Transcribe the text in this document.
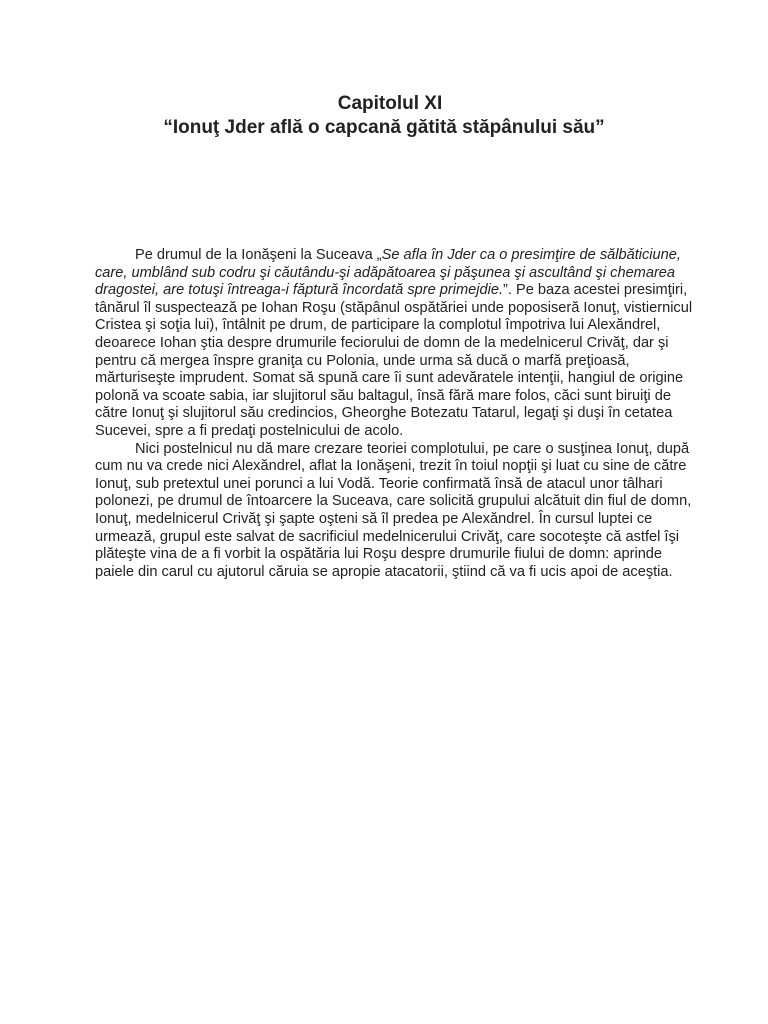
Capitolul XI
“Ionuţ Jder află o capcană gătită stăpânului său”

Pe drumul de la Ionăşeni la Suceava „Se afla în Jder ca o presimţire de sălbăticiune, care, umblând sub codru şi căutându-şi adăpătoarea şi păşunea şi ascultând şi chemarea dragostei, are totuşi întreaga-i făptură încordată spre primejdie.”. Pe baza acestei presimţiri, tânărul îl suspectează pe Iohan Roşu (stăpânul ospătăriei unde poposiseră Ionuţ, vistiernicul Cristea şi soţia lui), întâlnit pe drum, de participare la complotul împotriva lui Alexăndrel, deoarece Iohan ştia despre drumurile feciorului de domn de la medelnicerul Crivăţ, dar şi pentru că mergea înspre graniţa cu Polonia, unde urma să ducă o marfă preţioasă, mărturiseşte imprudent. Somat să spună care îi sunt adevăratele intenţii, hangiul de origine polonă va scoate sabia, iar slujitorul său baltagul, însă fără mare folos, căci sunt biruiţi de către Ionuţ şi slujitorul său credincios, Gheorghe Botezatu Tatarul, legaţi şi duşi în cetatea Sucevei, spre a fi predaţi postelnicului de acolo.

Nici postelnicul nu dă mare crezare teoriei complotului, pe care o susţinea Ionuţ, după cum nu va crede nici Alexăndrel, aflat la Ionăşeni, trezit în toiul nopţii şi luat cu sine de către Ionuţ, sub pretextul unei porunci a lui Vodă. Teorie confirmată însă de atacul unor tâlhari polonezi, pe drumul de întoarcere la Suceava, care solicită grupului alcătuit din fiul de domn, Ionuţ, medelnicerul Crivăţ şi şapte oşteni să îl predea pe Alexăndrel. În cursul luptei ce urmează, grupul este salvat de sacrificiul medelnicerului Crivăţ, care socoteşte că astfel îşi plăteşte vina de a fi vorbit la ospătăria lui Roşu despre drumurile fiului de domn: aprinde paiele din carul cu ajutorul căruia se apropie atacatorii, ştiind că va fi ucis apoi de aceştia.
